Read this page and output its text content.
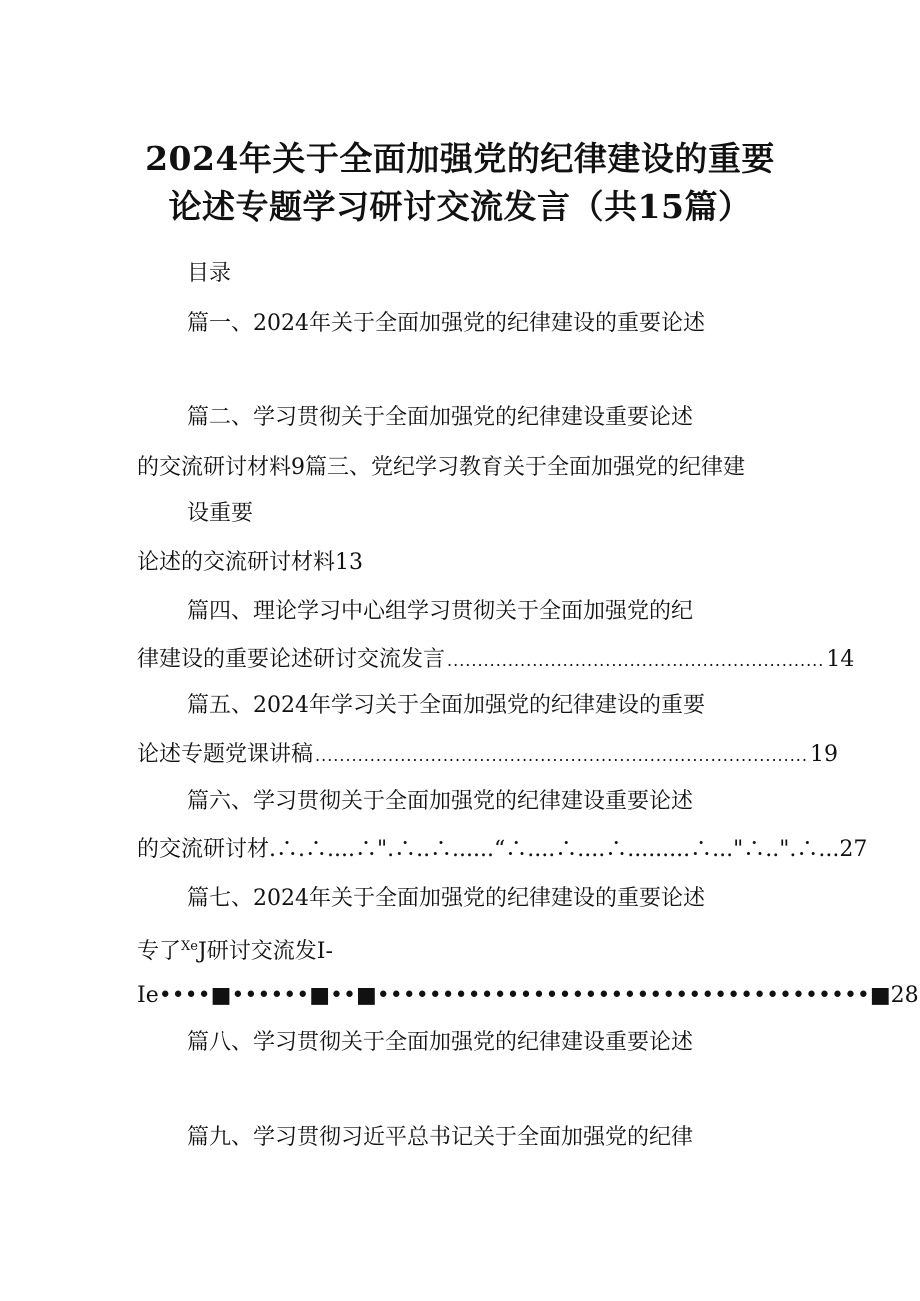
2024年关于全面加强党的纪律建设的重要
论述专题学习研讨交流发言（共15篇）
目录
篇一、2024年关于全面加强党的纪律建设的重要论述
篇二、学习贯彻关于全面加强党的纪律建设重要论述
的交流研讨材料9篇三、党纪学习教育关于全面加强党的纪律建
设重要
论述的交流研讨材料13
篇四、理论学习中心组学习贯彻关于全面加强党的纪
律建设的重要论述研讨交流发言 .............................................................. 14
篇五、2024年学习关于全面加强党的纪律建设的重要
论述专题党课讲稿 ................................................................................. 19
篇六、学习贯彻关于全面加强党的纪律建设重要论述
的交流研讨材.∴.∴....∴".∴..∴......“∴....∴....∴.........∴..."∴..".∴...27
篇七、2024年关于全面加强党的纪律建设的重要论述
专了$^{Xe}$J研讨交流发I-
Ie••••■••••••■••■••••••••••••••••••••••••••••••••••••••■28
篇八、学习贯彻关于全面加强党的纪律建设重要论述
篇九、学习贯彻习近平总书记关于全面加强党的纪律
